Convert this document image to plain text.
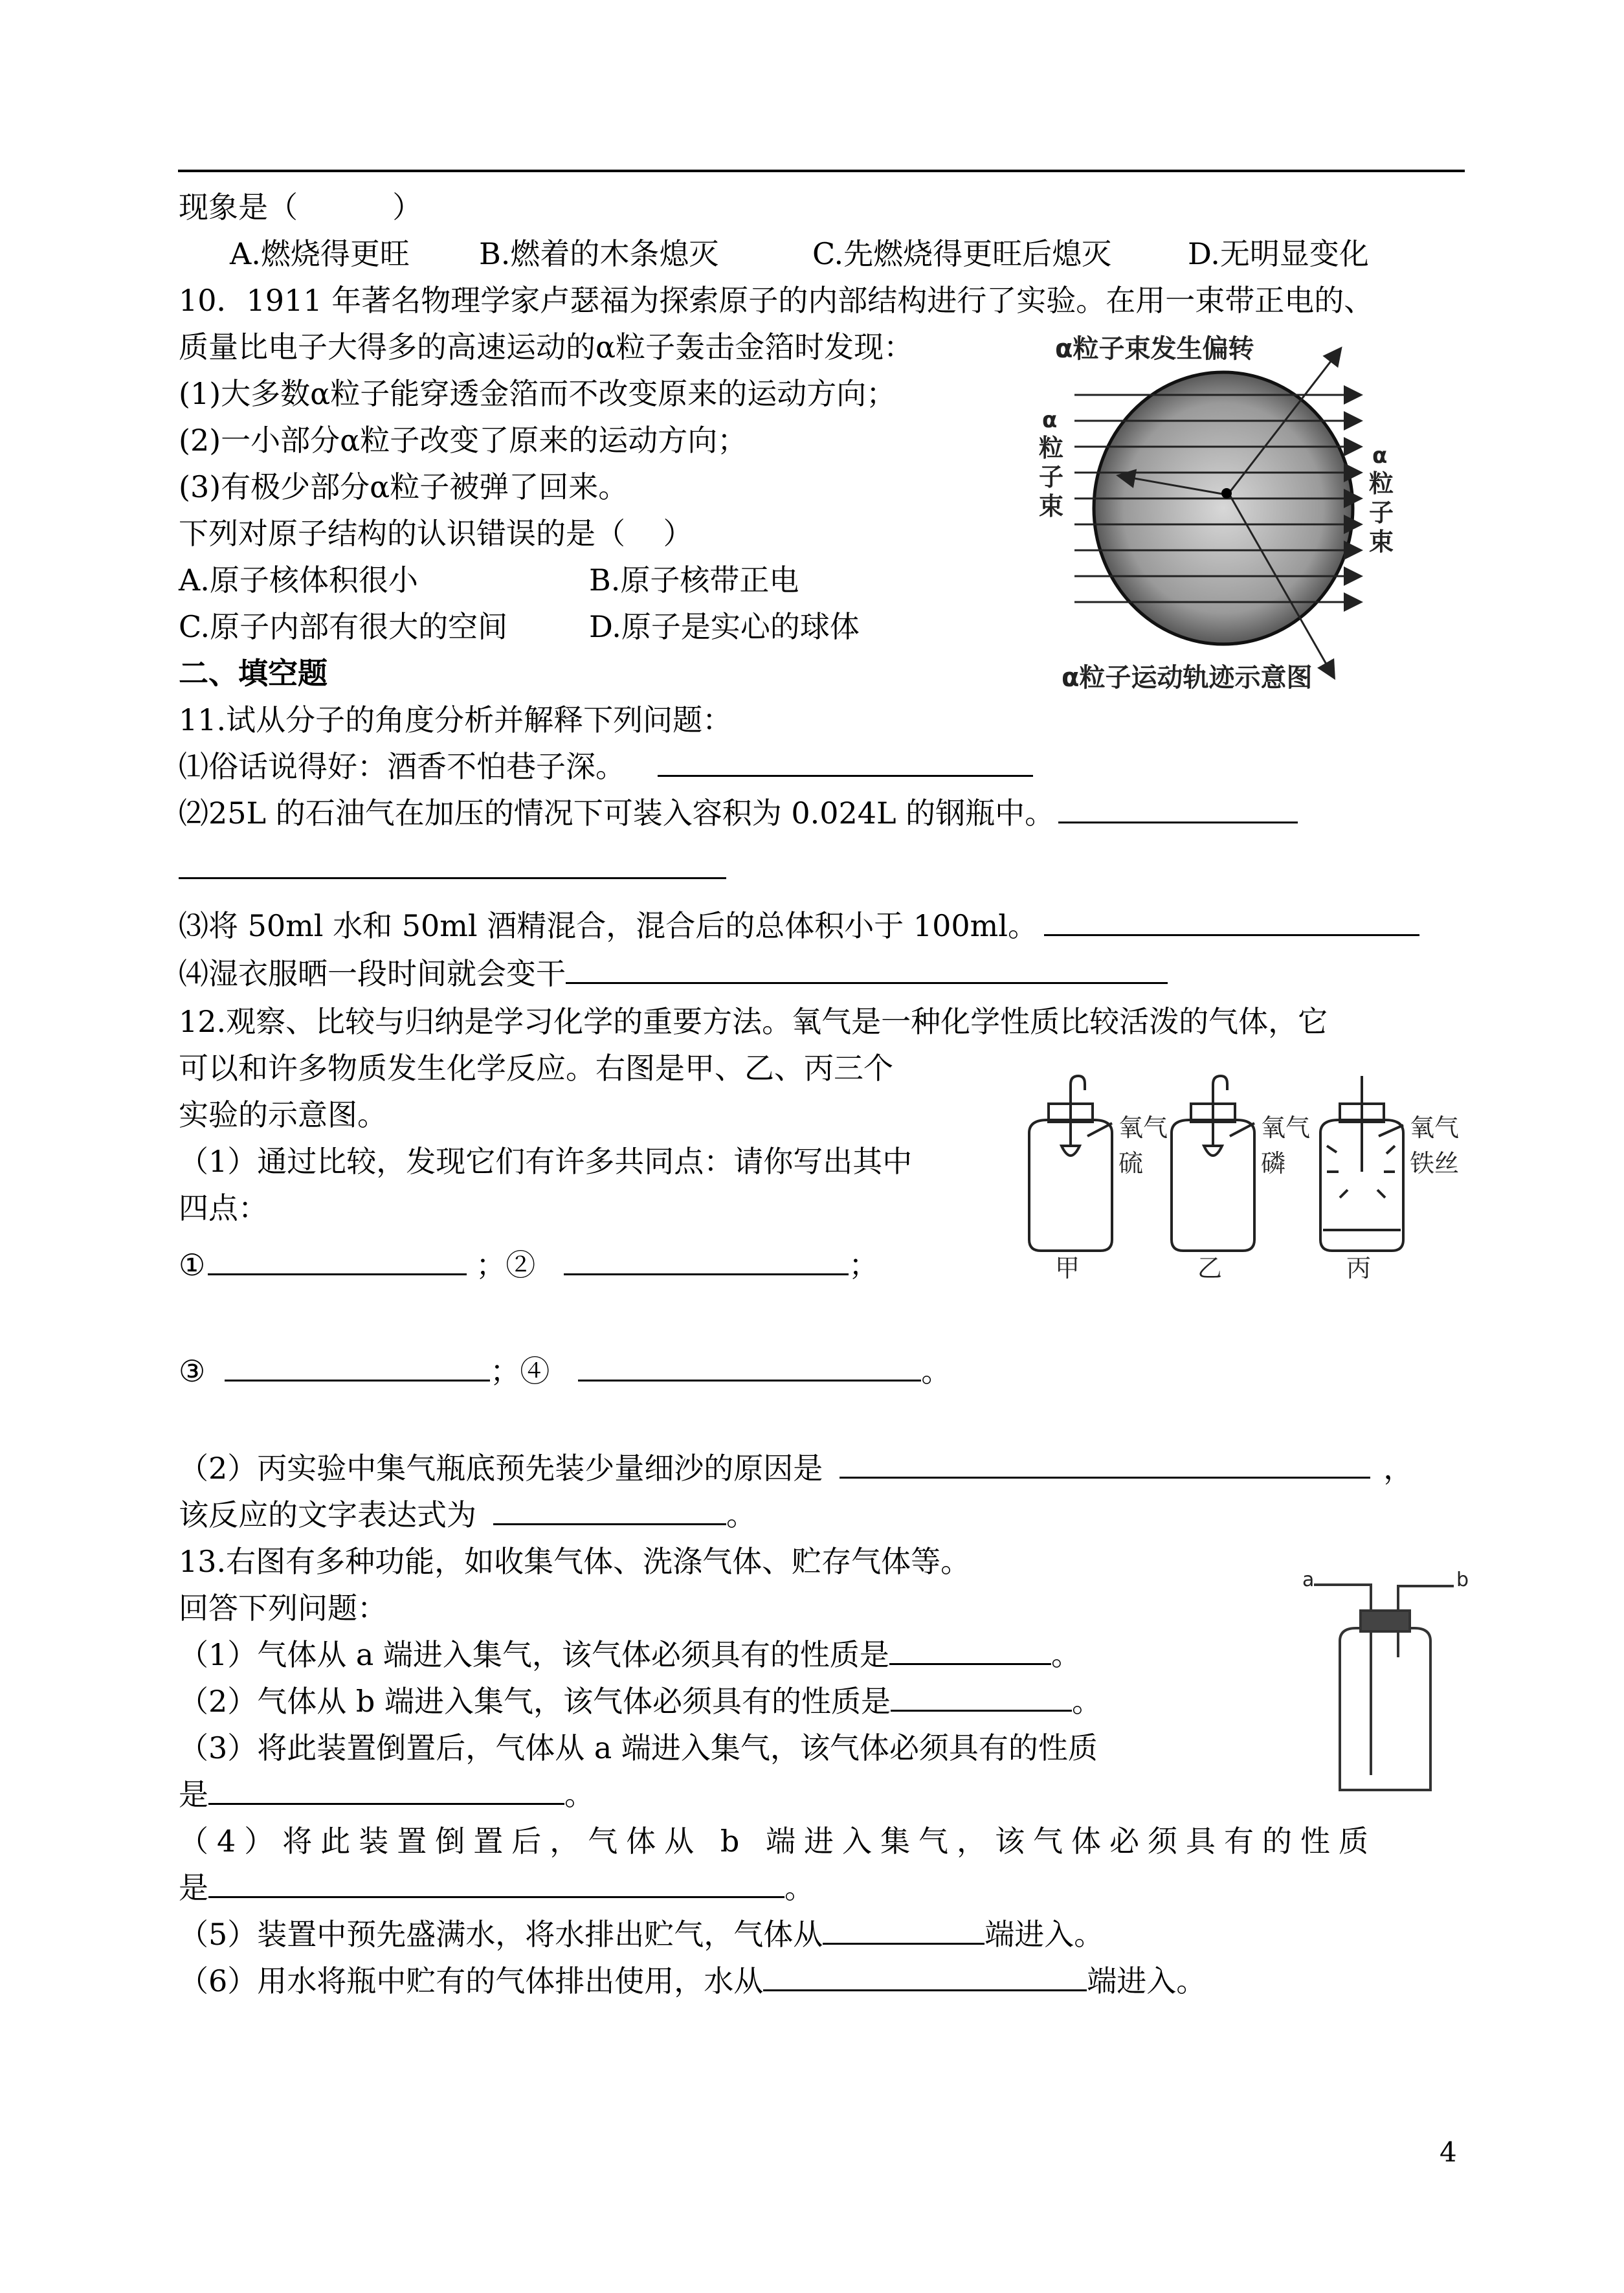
现象是（          ）
A.燃烧得更旺 B.燃着的木条熄灭	C.先燃烧得更旺后熄灭	D.无明显变化
10．1911 年著名物理学家卢瑟福为探索原子的内部结构进行了实验。在用一束带正电的、
质量比电子大得多的高速运动的α粒子轰击金箔时发现：
(1)大多数α粒子能穿透金箔而不改变原来的运动方向；
(2)一小部分α粒子改变了原来的运动方向；
(3)有极少部分α粒子被弹了回来。
下列对原子结构的认识错误的是（    ）
A.原子核体积很小	B.原子核带正电
C.原子内部有很大的空间	D.原子是实心的球体
α粒子束发生偏转
α
粒
子
束
α
粒
子
束
α粒子运动轨迹示意图
二、填空题
11.试从分子的角度分析并解释下列问题：
⑴俗话说得好：酒香不怕巷子深。
⑵25L 的石油气在加压的情况下可装入容积为 0.024L 的钢瓶中。
⑶将 50ml 水和 50ml 酒精混合，混合后的总体积小于 100ml。
⑷湿衣服晒一段时间就会变干
12.观察、比较与归纳是学习化学的重要方法。氧气是一种化学性质比较活泼的气体，它
可以和许多物质发生化学反应。右图是甲、乙、丙三个
实验的示意图。
（1）通过比较，发现它们有许多共同点：请你写出其中
四点：
①	；②	；
③	；④	。
（2）丙实验中集气瓶底预先装少量细沙的原因是	，
该反应的文字表达式为	。
氧气
硫
甲
氧气
磷
乙
氧气
铁丝
丙
13.右图有多种功能，如收集气体、洗涤气体、贮存气体等。
回答下列问题：
（1）气体从 a 端进入集气，该气体必须具有的性质是	。
（2）气体从 b 端进入集气，该气体必须具有的性质是	。
（3）将此装置倒置后，气体从 a 端进入集气，该气体必须具有的性质
是	。
（4）将此装置倒置后，气体从 b 端进入集气，该气体必须具有的性质
是	。
（5）装置中预先盛满水，将水排出贮气，气体从	端进入。
（6）用水将瓶中贮有的气体排出使用，水从	端进入。
a	b
4
